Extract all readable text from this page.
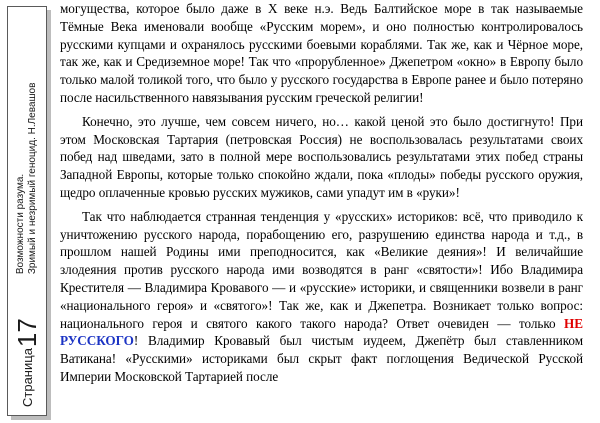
Страница
17
Возможности разума. Зримый и незримый геноцид. Н.Левашов

могущества, которое было даже в X веке н.э. Ведь Балтийское море в так называемые Тёмные Века именовали вообще «Русским морем», и оно полностью контролировалось русскими купцами и охранялось русскими боевыми кораблями. Так же, как и Чёрное море, так же, как и Средиземное море! Так что «прорубленное» Джепетром «окно» в Европу было только малой толикой того, что было у русского государства в Европе ранее и было потеряно после насильственного навязывания русским греческой религии!

Конечно, это лучше, чем совсем ничего, но… какой ценой это было достигнуто! При этом Московская Тартария (петровская Россия) не воспользовалась результатами своих побед над шведами, зато в полной мере воспользовались результатами этих побед страны Западной Европы, которые только спокойно ждали, пока «плоды» победы русского оружия, щедро оплаченные кровью русских мужиков, сами упадут им в «руки»!

Так что наблюдается странная тенденция у «русских» историков: всё, что приводило к уничтожению русского народа, порабощению его, разрушению единства народа и т.д., в прошлом нашей Родины ими преподносится, как «Великие деяния»! И величайшие злодеяния против русского народа ими возводятся в ранг «святости»! Ибо Владимира Крестителя — Владимира Кровавого — и «русские» историки, и священники возвели в ранг «национального героя» и «святого»! Так же, как и Джепетра. Возникает только вопрос: национального героя и святого какого такого народа? Ответ очевиден — только НЕ РУССКОГО! Владимир Кровавый был чистым иудеем, Джепётр был ставленником Ватикана! «Русскими» историками был скрыт факт поглощения Ведической Русской Империи Московской Тартарией после
